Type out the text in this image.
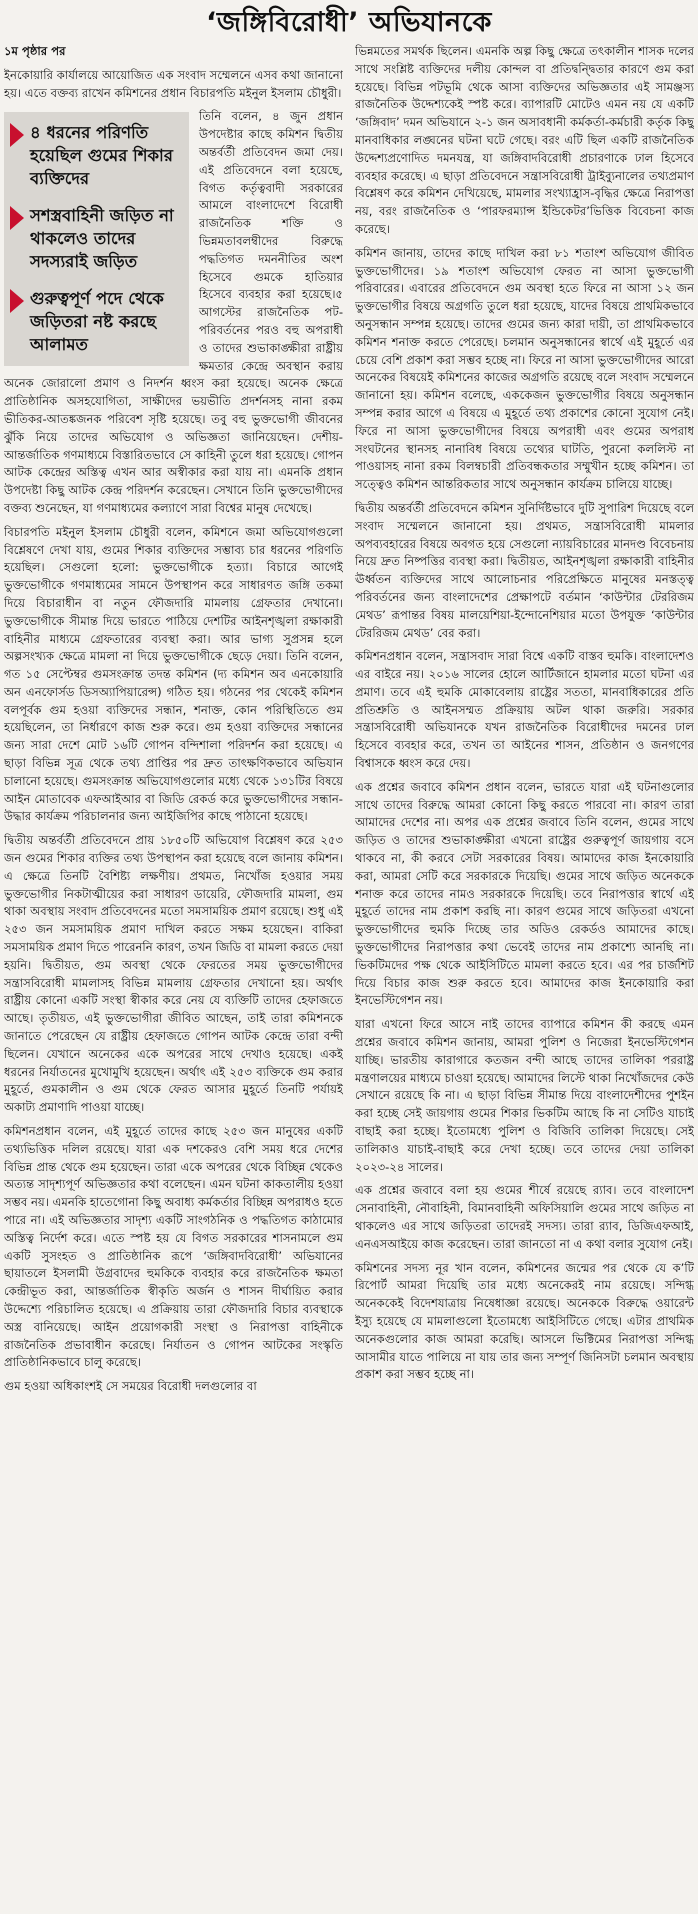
‘জঙ্গিবিরোধী’ অভিযানকে

১ম পৃষ্ঠার পর

ইনকোয়ারি কার্যালয়ে আয়োজিত এক সংবাদ সম্মেলনে এসব কথা জানানো হয়। এতে বক্তব্য রাখেন কমিশনের প্রধান বিচারপতি মইনুল ইসলাম চৌধুরী।

৪ ধরনের পরিণতি হয়েছিল গুমের শিকার ব্যক্তিদের
সশস্ত্রবাহিনী জড়িত না থাকলেও তাদের সদস্যরাই জড়িত
গুরুত্বপূর্ণ পদে থেকে জড়িতরা নষ্ট করছে আলামত

তিনি বলেন, ৪ জুন প্রধান উপদেষ্টার কাছে কমিশন দ্বিতীয় অন্তর্বর্তী প্রতিবেদন জমা দেয়। এই প্রতিবেদনে বলা হয়েছে, বিগত কর্তৃত্ববাদী সরকারের আমলে বাংলাদেশে বিরোধী রাজনৈতিক শক্তি ও ভিন্নমতাবলম্বীদের বিরুদ্ধে পদ্ধতিগত দমননীতির অংশ হিসেবে গুমকে হাতিয়ার হিসেবে ব্যবহার করা হয়েছে।৫ আগস্টের রাজনৈতিক পট-পরিবর্তনের পরও বহু অপরাধী ও তাদের শুভাকাঙ্ক্ষীরা রাষ্ট্রীয় ক্ষমতার কেন্দ্রে অবস্থান করায় অনেক জোরালো প্রমাণ ও নিদর্শন ধ্বংস করা হয়েছে। অনেক ক্ষেত্রে প্রাতিষ্ঠানিক অসহযোগিতা, সাক্ষীদের ভয়ভীতি প্রদর্শনসহ নানা রকম ভীতিকর-আতঙ্কজনক পরিবেশ সৃষ্টি হয়েছে। তবু বহু ভুক্তভোগী জীবনের ঝুঁকি নিয়ে তাদের অভিযোগ ও অভিজ্ঞতা জানিয়েছেন। দেশীয়-আন্তর্জাতিক গণমাধ্যমে বিস্তারিতভাবে সে কাহিনী তুলে ধরা হয়েছে। গোপন আটক কেন্দ্রের অস্তিত্ব এখন আর অস্বীকার করা যায় না। এমনকি প্রধান উপদেষ্টা কিছু আটক কেন্দ্র পরিদর্শন করেছেন। সেখানে তিনি ভুক্তভোগীদের বক্তব্য শুনেছেন, যা গণমাধ্যমের কল্যাণে সারা বিশ্বের মানুষ দেখেছে।

বিচারপতি মইনুল ইসলাম চৌধুরী বলেন, কমিশনে জমা অভিযোগগুলো বিশ্লেষণে দেখা যায়, গুমের শিকার ব্যক্তিদের সম্ভাব্য চার ধরনের পরিণতি হয়েছিল। সেগুলো হলো: ভুক্তভোগীকে হত্যা। বিচারে আগেই ভুক্তভোগীকে গণমাধ্যমের সামনে উপস্থাপন করে সাধারণত জঙ্গি তকমা দিয়ে বিচারাধীন বা নতুন ফৌজদারি মামলায় গ্রেফতার দেখানো। ভুক্তভোগীকে সীমান্ত দিয়ে ভারতে পাঠিয়ে দেশটির আইনশৃঙ্খলা রক্ষাকারী বাহিনীর মাধ্যমে গ্রেফতারের ব্যবস্থা করা। আর ভাগ্য সুপ্রসন্ন হলে অল্পসংখ্যক ক্ষেত্রে মামলা না দিয়ে ভুক্তভোগীকে ছেড়ে দেয়া। তিনি বলেন, গত ১৫ সেপ্টেম্বর গুমসংক্রান্ত তদন্ত কমিশন (দ্য কমিশন অব এনকোয়ারি অন এনফোর্সড ডিসঅ্যাপিয়ারেন্স) গঠিত হয়। গঠনের পর থেকেই কমিশন বলপূর্বক গুম হওয়া ব্যক্তিদের সন্ধান, শনাক্ত, কোন পরিস্থিতিতে গুম হয়েছিলেন, তা নির্ধারণে কাজ শুরু করে। গুম হওয়া ব্যক্তিদের সন্ধানের জন্য সারা দেশে মোট ১৬টি গোপন বন্দিশালা পরিদর্শন করা হয়েছে। এ ছাড়া বিভিন্ন সূত্র থেকে তথ্য প্রাপ্তির পর দ্রুত তাৎক্ষণিকভাবে অভিযান চালানো হয়েছে। গুমসংক্রান্ত অভিযোগগুলোর মধ্যে থেকে ১৩১টির বিষয়ে আইন মোতাবেক এফআইআর বা জিডি রেকর্ড করে ভুক্তভোগীদের সন্ধান-উদ্ধার কার্যক্রম পরিচালনার জন্য আইজিপির কাছে পাঠানো হয়েছে।

দ্বিতীয় অন্তর্বর্তী প্রতিবেদনে প্রায় ১৮৫০টি অভিযোগ বিশ্লেষণ করে ২৫৩ জন গুমের শিকার ব্যক্তির তথ্য উপস্থাপন করা হয়েছে বলে জানায় কমিশন। এ ক্ষেত্রে তিনটি বৈশিষ্ট্য লক্ষণীয়। প্রথমত, নিখোঁজ হওয়ার সময় ভুক্তভোগীর নিকটাত্মীয়ের করা সাধারণ ডায়েরি, ফৌজদারি মামলা, গুম থাকা অবস্থায় সংবাদ প্রতিবেদনের মতো সমসাময়িক প্রমাণ রয়েছে। শুধু এই ২৫৩ জন সমসাময়িক প্রমাণ দাখিল করতে সক্ষম হয়েছেন। বাকিরা সমসাময়িক প্রমাণ দিতে পারেননি কারণ, তখন জিডি বা মামলা করতে দেয়া হয়নি। দ্বিতীয়ত, গুম অবস্থা থেকে ফেরতের সময় ভুক্তভোগীদের সন্ত্রাসবিরোধী মামলাসহ বিভিন্ন মামলায় গ্রেফতার দেখানো হয়। অর্থাৎ রাষ্ট্রীয় কোনো একটি সংস্থা স্বীকার করে নেয় যে ব্যক্তিটি তাদের হেফাজতে আছে। তৃতীয়ত, এই ভুক্তভোগীরা জীবিত আছেন, তাই তারা কমিশনকে জানাতে পেরেছেন যে রাষ্ট্রীয় হেফাজতে গোপন আটক কেন্দ্রে তারা বন্দী ছিলেন। যেখানে অনেকের একে অপরের সাথে দেখাও হয়েছে। একই ধরনের নির্যাতনের মুখোমুখি হয়েছেন। অর্থাৎ এই ২৫৩ ব্যক্তিকে গুম করার মুহূর্তে, গুমকালীন ও গুম থেকে ফেরত আসার মুহূর্তে তিনটি পর্যায়ই অকাট্য প্রমাণাদি পাওয়া যাচ্ছে।

কমিশনপ্রধান বলেন, এই মুহূর্তে তাদের কাছে ২৫৩ জন মানুষের একটি তথ্যভিত্তিক দলিল রয়েছে। যারা এক দশকেরও বেশি সময় ধরে দেশের বিভিন্ন প্রান্ত থেকে গুম হয়েছেন। তারা একে অপরের থেকে বিচ্ছিন্ন থেকেও অত্যন্ত সাদৃশ্যপূর্ণ অভিজ্ঞতার কথা বলেছেন। এমন ঘটনা কাকতালীয় হওয়া সম্ভব নয়। এমনকি হাতেগোনা কিছু অবাধ্য কর্মকর্তার বিচ্ছিন্ন অপরাধও হতে পারে না। এই অভিজ্ঞতার সাদৃশ্য একটি সাংগঠনিক ও পদ্ধতিগত কাঠামোর অস্তিত্ব নির্দেশ করে। এতে স্পষ্ট হয় যে বিগত সরকারের শাসনামলে গুম একটি সুসংহত ও প্রাতিষ্ঠানিক রূপে ‘জঙ্গিবাদবিরোধী’ অভিযানের ছায়াতলে ইসলামী উগ্রবাদের হুমকিকে ব্যবহার করে রাজনৈতিক ক্ষমতা কেন্দ্রীভূত করা, আন্তর্জাতিক স্বীকৃতি অর্জন ও শাসন দীর্ঘায়িত করার উদ্দেশ্যে পরিচালিত হয়েছে। এ প্রক্রিয়ায় তারা ফৌজদারি বিচার ব্যবস্থাকে অস্ত্র বানিয়েছে। আইন প্রয়োগকারী সংস্থা ও নিরাপত্তা বাহিনীকে রাজনৈতিক প্রভাবাধীন করেছে। নির্যাতন ও গোপন আটকের সংস্কৃতি প্রাতিষ্ঠানিকভাবে চালু করেছে।

গুম হওয়া অধিকাংশই সে সময়ের বিরোধী দলগুলোর বা

ভিন্নমতের সমর্থক ছিলেন। এমনকি অল্প কিছু ক্ষেত্রে তৎকালীন শাসক দলের সাথে সংশ্লিষ্ট ব্যক্তিদের দলীয় কোন্দল বা প্রতিদ্বন্দ্বিতার কারণে গুম করা হয়েছে। বিভিন্ন পটভূমি থেকে আসা ব্যক্তিদের অভিজ্ঞতার এই সামঞ্জস্য রাজনৈতিক উদ্দেশ্যকেই স্পষ্ট করে। ব্যাপারটি মোটেও এমন নয় যে একটি ‘জঙ্গিবাদ’ দমন অভিযানে ২-১ জন অসাবধানী কর্মকর্তা-কর্মচারী কর্তৃক কিছু মানবাধিকার লঙ্ঘনের ঘটনা ঘটে গেছে। বরং এটি ছিল একটি রাজনৈতিক উদ্দেশ্যপ্রণোদিত দমনযন্ত্র, যা জঙ্গিবাদবিরোধী প্রচারণাকে ঢাল হিসেবে ব্যবহার করেছে। এ ছাড়া প্রতিবেদনে সন্ত্রাসবিরোধী ট্রাইব্যুনালের তথ্যপ্রমাণ বিশ্লেষণ করে কমিশন দেখিয়েছে, মামলার সংখ্যাহ্রাস-বৃদ্ধির ক্ষেত্রে নিরাপত্তা নয়, বরং রাজনৈতিক ও ‘পারফরম্যান্স ইন্ডিকেটর’ভিত্তিক বিবেচনা কাজ করেছে।

কমিশন জানায়, তাদের কাছে দাখিল করা ৮১ শতাংশ অভিযোগ জীবিত ভুক্তভোগীদের। ১৯ শতাংশ অভিযোগ ফেরত না আসা ভুক্তভোগী পরিবারের। এবারের প্রতিবেদনে গুম অবস্থা হতে ফিরে না আসা ১২ জন ভুক্তভোগীর বিষয়ে অগ্রগতি তুলে ধরা হয়েছে, যাদের বিষয়ে প্রাথমিকভাবে অনুসন্ধান সম্পন্ন হয়েছে। তাদের গুমের জন্য কারা দায়ী, তা প্রাথমিকভাবে কমিশন শনাক্ত করতে পেরেছে। চলমান অনুসন্ধানের স্বার্থে এই মুহূর্তে এর চেয়ে বেশি প্রকাশ করা সম্ভব হচ্ছে না। ফিরে না আসা ভুক্তভোগীদের আরো অনেকের বিষয়েই কমিশনের কাজের অগ্রগতি রয়েছে বলে সংবাদ সম্মেলনে জানানো হয়। কমিশন বলেছে, এককেজন ভুক্তভোগীর বিষয়ে অনুসন্ধান সম্পন্ন করার আগে এ বিষয়ে এ মুহূর্তে তথ্য প্রকাশের কোনো সুযোগ নেই। ফিরে না আসা ভুক্তভোগীদের বিষয়ে অপরাধী এবং গুমের অপরাধ সংঘটনের স্থানসহ নানাবিধ বিষয়ে তথ্যের ঘাটতি, পুরনো কললিস্ট না পাওয়াসহ নানা রকম বিলম্বচারী প্রতিবন্ধকতার সম্মুখীন হচ্ছে কমিশন। তা সত্ত্বেও কমিশন আন্তরিকতার সাথে অনুসন্ধান কার্যক্রম চালিয়ে যাচ্ছে।

দ্বিতীয় অন্তর্বর্তী প্রতিবেদনে কমিশন সুনির্দিষ্টভাবে দুটি সুপারিশ দিয়েছে বলে সংবাদ সম্মেলনে জানানো হয়। প্রথমত, সন্ত্রাসবিরোধী মামলার অপব্যবহারের বিষয়ে অবগত হয়ে সেগুলো ন্যায়বিচারের মানদণ্ড বিবেচনায় নিয়ে দ্রুত নিষ্পত্তির ব্যবস্থা করা। দ্বিতীয়ত, আইনশৃঙ্খলা রক্ষাকারী বাহিনীর ঊর্ধ্বতন ব্যক্তিদের সাথে আলোচনার পরিপ্রেক্ষিতে মানুষের মনস্তত্ত্ব পরিবর্তনের জন্য বাংলাদেশের প্রেক্ষাপটে বর্তমান ‘কাউন্টার টেররিজম মেথড’ রূপান্তর বিষয় মালয়েশিয়া-ইন্দোনেশিয়ার মতো উপযুক্ত ‘কাউন্টার টেররিজম মেথড’ বের করা।

কমিশনপ্রধান বলেন, সন্ত্রাসবাদ সারা বিশ্বে একটি বাস্তব হুমকি। বাংলাদেশও এর বাইরে নয়। ২০১৬ সালের হোলে আর্টিজানে হামলার মতো ঘটনা এর প্রমাণ। তবে এই হুমকি মোকাবেলায় রাষ্ট্রের সততা, মানবাধিকারের প্রতি প্রতিশ্রুতি ও আইনসম্মত প্রক্রিয়ায় অটল থাকা জরুরি। সরকার সন্ত্রাসবিরোধী অভিযানকে যখন রাজনৈতিক বিরোধীদের দমনের ঢাল হিসেবে ব্যবহার করে, তখন তা আইনের শাসন, প্রতিষ্ঠান ও জনগণের বিশ্বাসকে ধ্বংস করে দেয়।

এক প্রশ্নের জবাবে কমিশন প্রধান বলেন, ভারতে যারা এই ঘটনাগুলোর সাথে তাদের বিরুদ্ধে আমরা কোনো কিছু করতে পারবো না। কারণ তারা আমাদের দেশের না। অপর এক প্রশ্নের জবাবে তিনি বলেন, গুমের সাথে জড়িত ও তাদের শুভাকাঙ্ক্ষীরা এখনো রাষ্ট্রের গুরুত্বপূর্ণ জায়গায় বসে থাকবে না, কী করবে সেটা সরকারের বিষয়। আমাদের কাজ ইনকোয়ারি করা, আমরা সেটি করে সরকারকে দিয়েছি। গুমের সাথে জড়িত অনেককে শনাক্ত করে তাদের নামও সরকারকে দিয়েছি। তবে নিরাপত্তার স্বার্থে এই মুহূর্তে তাদের নাম প্রকাশ করছি না। কারণ গুমের সাথে জড়িতরা এখনো ভুক্তভোগীদের হুমকি দিচ্ছে তার অডিও রেকর্ডও আমাদের কাছে। ভুক্তভোগীদের নিরাপত্তার কথা ভেবেই তাদের নাম প্রকাশ্যে আনছি না। ভিকটিমদের পক্ষ থেকে আইসিটিতে মামলা করতে হবে। এর পর চার্জশিট দিয়ে বিচার কাজ শুরু করতে হবে। আমাদের কাজ ইনকোয়ারি করা ইনভেস্টিগেশন নয়।

যারা এখনো ফিরে আসে নাই তাদের ব্যাপারে কমিশন কী করছে এমন প্রশ্নের জবাবে কমিশন জানায়, আমরা পুলিশ ও নিজেরা ইনভেস্টিগেশন যাচ্ছি। ভারতীয় কারাগারে কতজন বন্দী আছে তাদের তালিকা পররাষ্ট্র মন্ত্রণালয়ের মাধ্যমে চাওয়া হয়েছে। আমাদের লিস্টে থাকা নিখোঁজদের কেউ সেখানে রয়েছে কি না। এ ছাড়া বিভিন্ন সীমান্ত দিয়ে বাংলাদেশীদের পুশইন করা হচ্ছে সেই জায়গায় গুমের শিকার ভিকটিম আছে কি না সেটিও যাচাই বাছাই করা হচ্ছে। ইতোমধ্যে পুলিশ ও বিজিবি তালিকা দিয়েছে। সেই তালিকাও যাচাই-বাছাই করে দেখা হচ্ছে। তবে তাদের দেয়া তালিকা ২০২৩-২৪ সালের।

এক প্রশ্নের জবাবে বলা হয় গুমের শীর্ষে রয়েছে র‍্যাব। তবে বাংলাদেশ সেনাবাহিনী, নৌবাহিনী, বিমানবাহিনী অফিসিয়ালি গুমের সাথে জড়িত না থাকলেও এর সাথে জড়িতরা তাদেরই সদস্য। তারা র‍্যাব, ডিজিএফআই, এনএসআইয়ে কাজ করেছেন। তারা জানতো না এ কথা বলার সুযোগ নেই।

কমিশনের সদস্য নূর খান বলেন, কমিশনের জন্মের পর থেকে যে ক’টি রিপোর্ট আমরা দিয়েছি তার মধ্যে অনেকেরই নাম রয়েছে। সন্দিগ্ধ অনেককেই বিদেশযাত্রায় নিষেধাজ্ঞা রয়েছে। অনেককে বিরুদ্ধে ওয়ারেন্ট ইস্যু হয়েছে যে মামলাগুলো ইতোমধ্যে আইসিটিতে গেছে। এটার প্রাথমিক অনেকগুলোর কাজ আমরা করেছি। আসলে ভিক্টিমের নিরাপত্তা সন্দিগ্ধ আসামীর যাতে পালিয়ে না যায় তার জন্য সম্পূর্ণ জিনিসটা চলমান অবস্থায় প্রকাশ করা সম্ভব হচ্ছে না।
